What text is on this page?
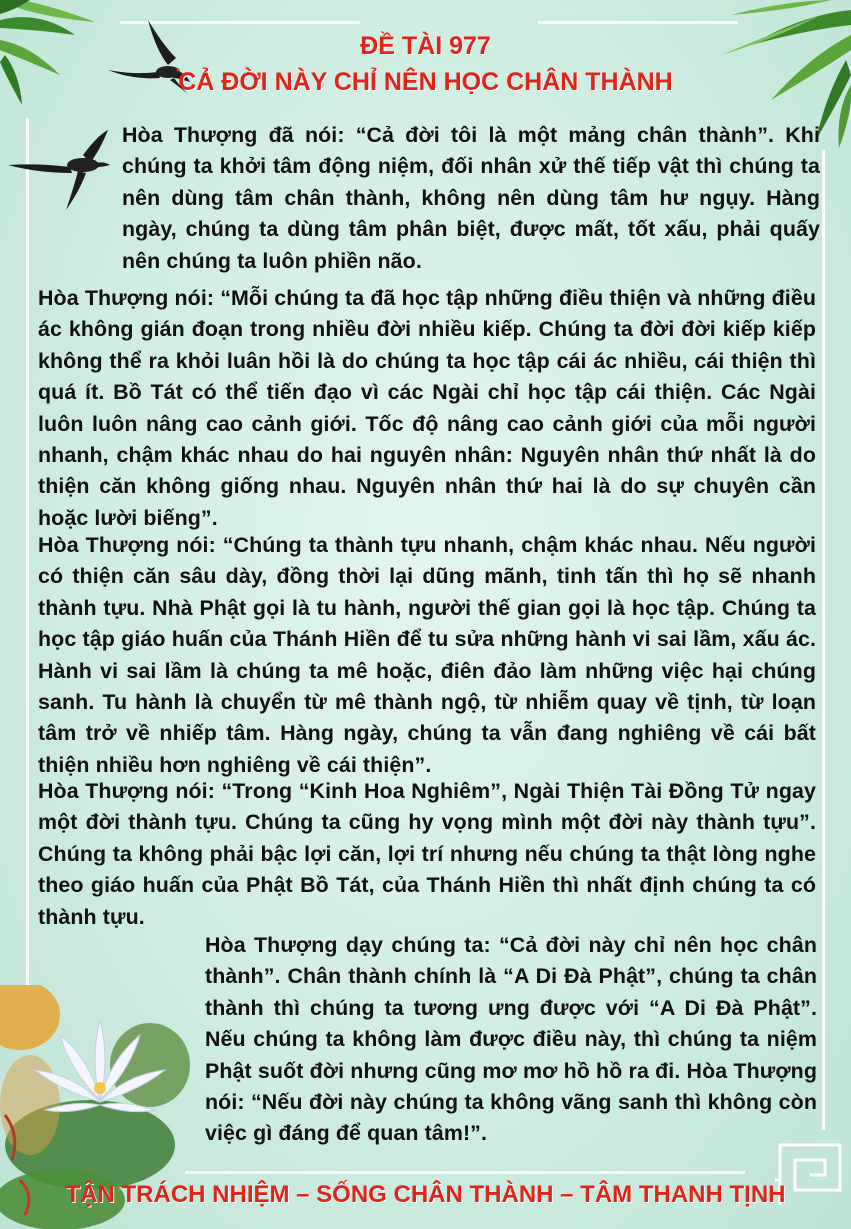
ĐỀ TÀI 977
CẢ ĐỜI NÀY CHỈ NÊN HỌC CHÂN THÀNH

Hòa Thượng đã nói: “Cả đời tôi là một mảng chân thành”. Khi chúng ta khởi tâm động niệm, đối nhân xử thế tiếp vật thì chúng ta nên dùng tâm chân thành, không nên dùng tâm hư ngụy. Hàng ngày, chúng ta dùng tâm phân biệt, được mất, tốt xấu, phải quấy nên chúng ta luôn phiền não.

Hòa Thượng nói: “Mỗi chúng ta đã học tập những điều thiện và những điều ác không gián đoạn trong nhiều đời nhiều kiếp. Chúng ta đời đời kiếp kiếp không thể ra khỏi luân hồi là do chúng ta học tập cái ác nhiều, cái thiện thì quá ít. Bồ Tát có thể tiến đạo vì các Ngài chỉ học tập cái thiện. Các Ngài luôn luôn nâng cao cảnh giới. Tốc độ nâng cao cảnh giới của mỗi người nhanh, chậm khác nhau do hai nguyên nhân: Nguyên nhân thứ nhất là do thiện căn không giống nhau. Nguyên nhân thứ hai là do sự chuyên cần hoặc lười biếng”.

Hòa Thượng nói: “Chúng ta thành tựu nhanh, chậm khác nhau. Nếu người có thiện căn sâu dày, đồng thời lại dũng mãnh, tinh tấn thì họ sẽ nhanh thành tựu. Nhà Phật gọi là tu hành, người thế gian gọi là học tập. Chúng ta học tập giáo huấn của Thánh Hiền để tu sửa những hành vi sai lầm, xấu ác. Hành vi sai lầm là chúng ta mê hoặc, điên đảo làm những việc hại chúng sanh. Tu hành là chuyển từ mê thành ngộ, từ nhiễm quay về tịnh, từ loạn tâm trở về nhiếp tâm. Hàng ngày, chúng ta vẫn đang nghiêng về cái bất thiện nhiều hơn nghiêng về cái thiện”.

Hòa Thượng nói: “Trong “Kinh Hoa Nghiêm”, Ngài Thiện Tài Đồng Tử ngay một đời thành tựu. Chúng ta cũng hy vọng mình một đời này thành tựu”. Chúng ta không phải bậc lợi căn, lợi trí nhưng nếu chúng ta thật lòng nghe theo giáo huấn của Phật Bồ Tát, của Thánh Hiền thì nhất định chúng ta có thành tựu.

Hòa Thượng dạy chúng ta: “Cả đời này chỉ nên học chân thành”. Chân thành chính là “A Di Đà Phật”, chúng ta chân thành thì chúng ta tương ưng được với “A Di Đà Phật”. Nếu chúng ta không làm được điều này, thì chúng ta niệm Phật suốt đời nhưng cũng mơ mơ hồ hồ ra đi. Hòa Thượng nói: “Nếu đời này chúng ta không vãng sanh thì không còn việc gì đáng để quan tâm!”.

TẬN TRÁCH NHIỆM – SỐNG CHÂN THÀNH – TÂM THANH TỊNH
